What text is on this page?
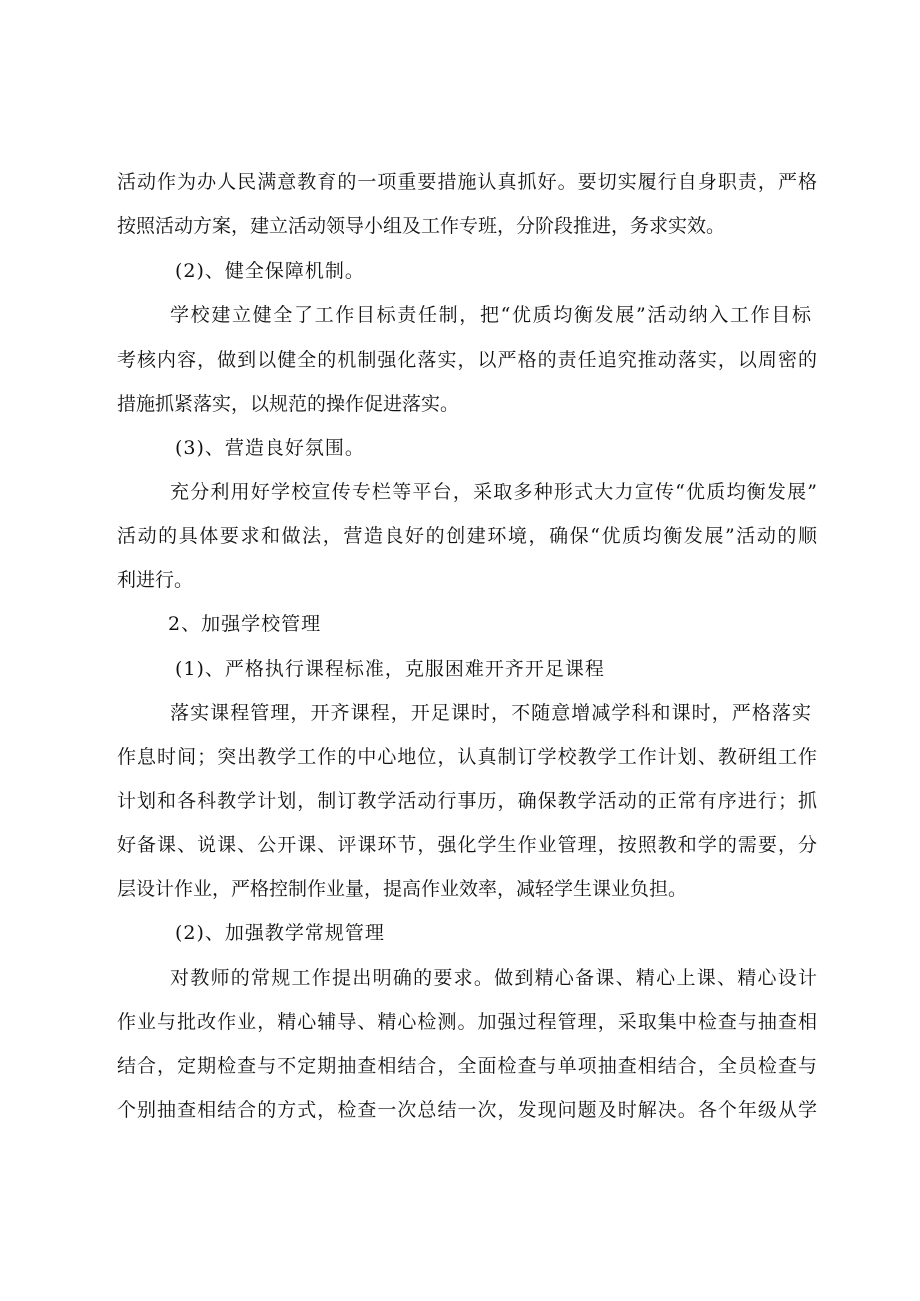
活动作为办人民满意教育的一项重要措施认真抓好。要切实履行自身职责，严格
按照活动方案，建立活动领导小组及工作专班，分阶段推进，务求实效。
(2)、健全保障机制。
学校建立健全了工作目标责任制，把“优质均衡发展”活动纳入工作目标
考核内容，做到以健全的机制强化落实，以严格的责任追究推动落实，以周密的
措施抓紧落实，以规范的操作促进落实。
(3)、营造良好氛围。
充分利用好学校宣传专栏等平台，采取多种形式大力宣传“优质均衡发展”
活动的具体要求和做法，营造良好的创建环境，确保“优质均衡发展”活动的顺
利进行。
2、加强学校管理
(1)、严格执行课程标准，克服困难开齐开足课程
落实课程管理，开齐课程，开足课时，不随意增减学科和课时，严格落实
作息时间；突出教学工作的中心地位，认真制订学校教学工作计划、教研组工作
计划和各科教学计划，制订教学活动行事历，确保教学活动的正常有序进行；抓
好备课、说课、公开课、评课环节，强化学生作业管理，按照教和学的需要，分
层设计作业，严格控制作业量，提高作业效率，减轻学生课业负担。
(2)、加强教学常规管理
对教师的常规工作提出明确的要求。做到精心备课、精心上课、精心设计
作业与批改作业，精心辅导、精心检测。加强过程管理，采取集中检查与抽查相
结合，定期检查与不定期抽查相结合，全面检查与单项抽查相结合，全员检查与
个别抽查相结合的方式，检查一次总结一次，发现问题及时解决。各个年级从学
